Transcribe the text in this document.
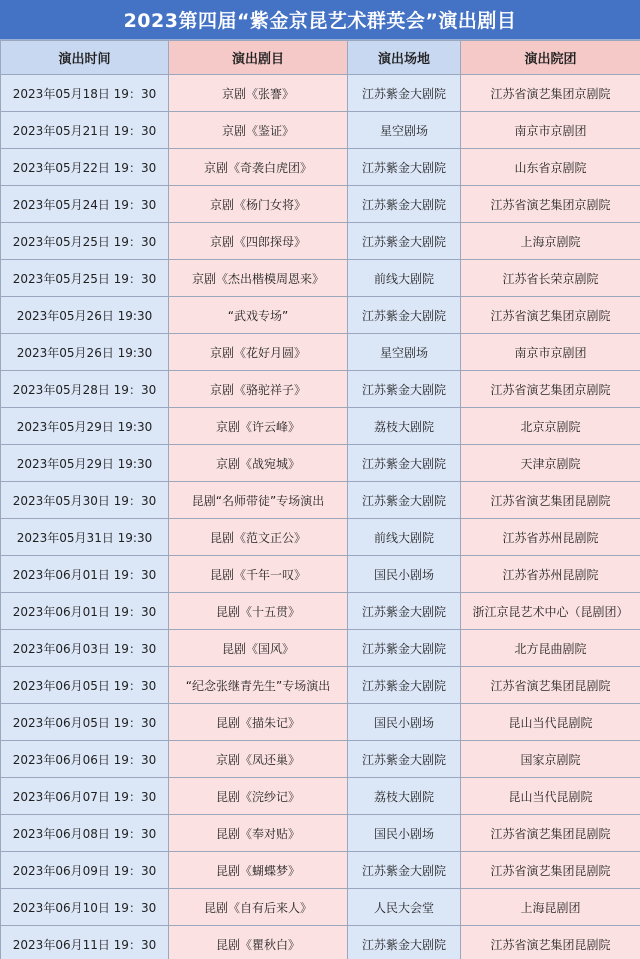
2023第四届“紫金京昆艺术群英会”演出剧目
演出时间	演出剧目	演出场地	演出院团
2023年05月18日 19：30	京剧《张謇》	江苏紫金大剧院	江苏省演艺集团京剧院
2023年05月21日 19：30	京剧《鉴证》	星空剧场	南京市京剧团
2023年05月22日 19：30	京剧《奇袭白虎团》	江苏紫金大剧院	山东省京剧院
2023年05月24日 19：30	京剧《杨门女将》	江苏紫金大剧院	江苏省演艺集团京剧院
2023年05月25日 19：30	京剧《四郎探母》	江苏紫金大剧院	上海京剧院
2023年05月25日 19：30	京剧《杰出楷模周恩来》	前线大剧院	江苏省长荣京剧院
2023年05月26日 19:30	“武戏专场”	江苏紫金大剧院	江苏省演艺集团京剧院
2023年05月26日 19:30	京剧《花好月圆》	星空剧场	南京市京剧团
2023年05月28日 19：30	京剧《骆驼祥子》	江苏紫金大剧院	江苏省演艺集团京剧院
2023年05月29日 19:30	京剧《许云峰》	荔枝大剧院	北京京剧院
2023年05月29日 19:30	京剧《战宛城》	江苏紫金大剧院	天津京剧院
2023年05月30日 19：30	昆剧“名师带徒”专场演出	江苏紫金大剧院	江苏省演艺集团昆剧院
2023年05月31日 19:30	昆剧《范文正公》	前线大剧院	江苏省苏州昆剧院
2023年06月01日 19：30	昆剧《千年一叹》	国民小剧场	江苏省苏州昆剧院
2023年06月01日 19：30	昆剧《十五贯》	江苏紫金大剧院	浙江京昆艺术中心（昆剧团）
2023年06月03日 19：30	昆剧《国风》	江苏紫金大剧院	北方昆曲剧院
2023年06月05日 19：30	“纪念张继青先生”专场演出	江苏紫金大剧院	江苏省演艺集团昆剧院
2023年06月05日 19：30	昆剧《描朱记》	国民小剧场	昆山当代昆剧院
2023年06月06日 19：30	京剧《凤还巢》	江苏紫金大剧院	国家京剧院
2023年06月07日 19：30	昆剧《浣纱记》	荔枝大剧院	昆山当代昆剧院
2023年06月08日 19：30	昆剧《奉对贴》	国民小剧场	江苏省演艺集团昆剧院
2023年06月09日 19：30	昆剧《蝴蝶梦》	江苏紫金大剧院	江苏省演艺集团昆剧院
2023年06月10日 19：30	昆剧《自有后来人》	人民大会堂	上海昆剧团
2023年06月11日 19：30	昆剧《瞿秋白》	江苏紫金大剧院	江苏省演艺集团昆剧院
